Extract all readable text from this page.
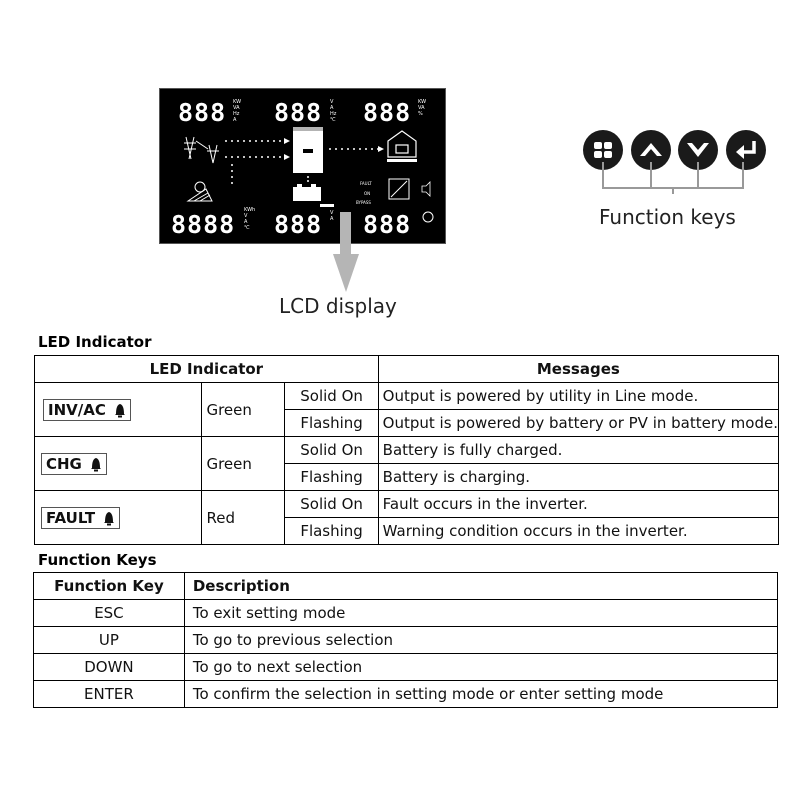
888 KW
VA
Hz
A 888 V
A
Hz
℃ 888 KW
VA
%
8888 KWh
V
A
℃ 888 V
A 888
FAULT
ON
BYPASS
LCD display
Function keys
LED Indicator
LED Indicator			Messages
INV/AC	Green	Solid On	Output is powered by utility in Line mode.
		Flashing	Output is powered by battery or PV in battery mode.
CHG	Green	Solid On	Battery is fully charged.
		Flashing	Battery is charging.
FAULT	Red	Solid On	Fault occurs in the inverter.
		Flashing	Warning condition occurs in the inverter.
Function Keys
Function Key	Description
ESC	To exit setting mode
UP	To go to previous selection
DOWN	To go to next selection
ENTER	To confirm the selection in setting mode or enter setting mode
